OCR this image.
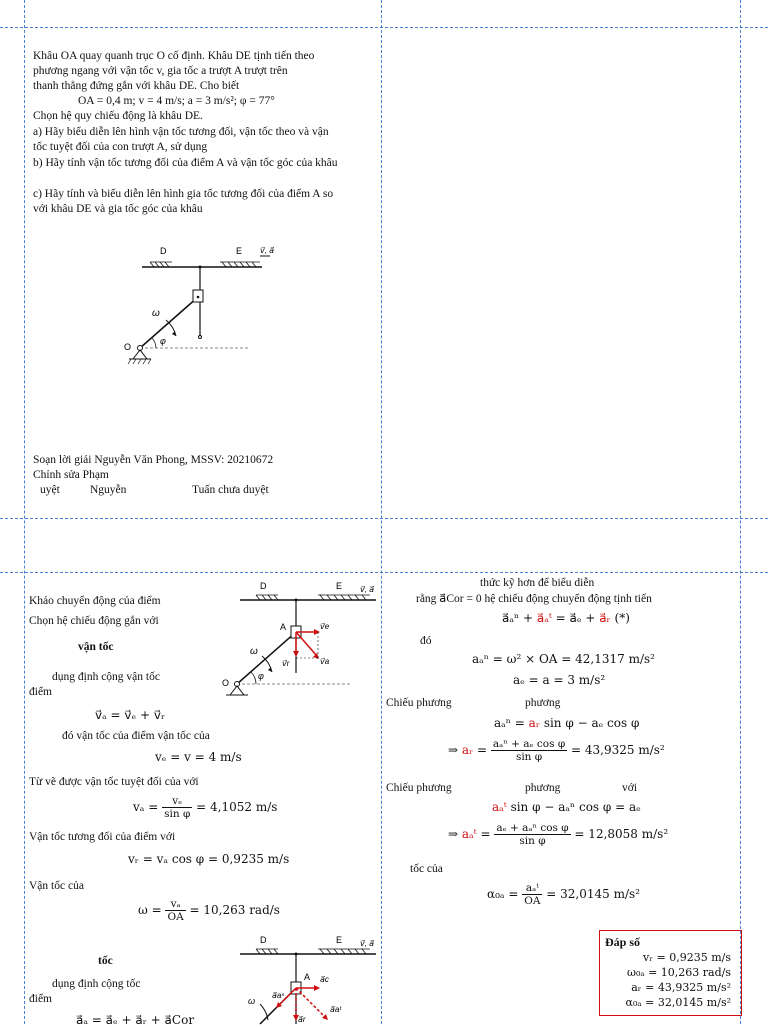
Khâu OA quay quanh trục O cố định. Khâu DE tịnh tiến theo
phương ngang với vận tốc v, gia tốc a trượt A trượt trên
thanh thẳng đứng gắn với khâu DE. Cho biết
OA = 0,4 m; v = 4 m/s; a = 3 m/s²; φ = 77°
Chọn hệ quy chiếu động là khâu DE.
a) Hãy biểu diễn lên hình vận tốc tương đối, vận tốc theo và vận
tốc tuyệt đối của con trượt A, sử dụng
b) Hãy tính vận tốc tương đối của điểm A và vận tốc góc của khâu
c) Hãy tính và biểu diễn lên hình gia tốc tương đối của điểm A so
với khâu DE và gia tốc góc của khâu
D	E v⃗, a⃗
ω
φ
O
Soạn lời giải Nguyễn Văn Phong, MSSV: 20210672
Chỉnh sửa Phạm
uyệt	Nguyễn	Tuấn chưa duyệt
Khảo chuyển động của điểm
Chọn hệ chiếu động gắn với
vận tốc
dụng định cộng vận tốc
điểm
v⃗ₐ = v⃗ₑ + v⃗ᵣ
đó vận tốc của điểm vận tốc của
vₑ = v = 4 m/s
Từ vẽ được vận tốc tuyệt đối của với
$v_a = \frac{\text{vₑ}}{\text{sin φ}} = 4,1052$ m/s
Vận tốc tương đối của điểm với
vᵣ = vₐ cos φ = 0,9235 m/s
Vận tốc của
$\omega = \frac{\text{vₐ}}{OA} = 10,263$ rad/s
tốc
dụng định cộng tốc
điểm
a⃗ₐ = a⃗ₑ + a⃗ᵣ + a⃗Cor
D	E v⃗, a⃗
A	v⃗e
v⃗r	v⃗a
ω
φ
O
D	E v⃗, a⃗
A a⃗c
ω
a⃗aⁿ
a⃗r
a⃗aᵗ
thức kỹ hơn để biểu diễn
rằng a⃗Cor = 0 hệ chiếu động chuyển động tịnh tiến
a⃗ₐⁿ + a⃗ₐᵗ = a⃗ₑ + a⃗ᵣ (*)
đó
aₐⁿ = ω² × OA = 42,1317 m/s²
aₑ = a = 3 m/s²
Chiếu phương	phương
aₐⁿ = aᵣ sin φ − aₑ cos φ
⇒ aᵣ = $\frac{\text{aₐⁿ + aₑ cos φ}}{\text{sin φ}} = 43,9325$ m/s²
Chiếu phương	phương	với
aₐᵗ sin φ − aₐⁿ cos φ = aₑ
⇒ aₐᵗ = $\frac{\text{aₑ + aₐⁿ cos φ}}{\text{sin φ}} = 12,8058$ m/s²
tốc của
$\alpha_{0a} = \frac{\text{aₐᵗ}}{OA} = 32,0145$ m/s²
Đáp số
vᵣ = 0,9235 m/s
ω₀ₐ = 10,263 rad/s
aᵣ = 43,9325 m/s²
α₀ₐ = 32,0145 m/s²
